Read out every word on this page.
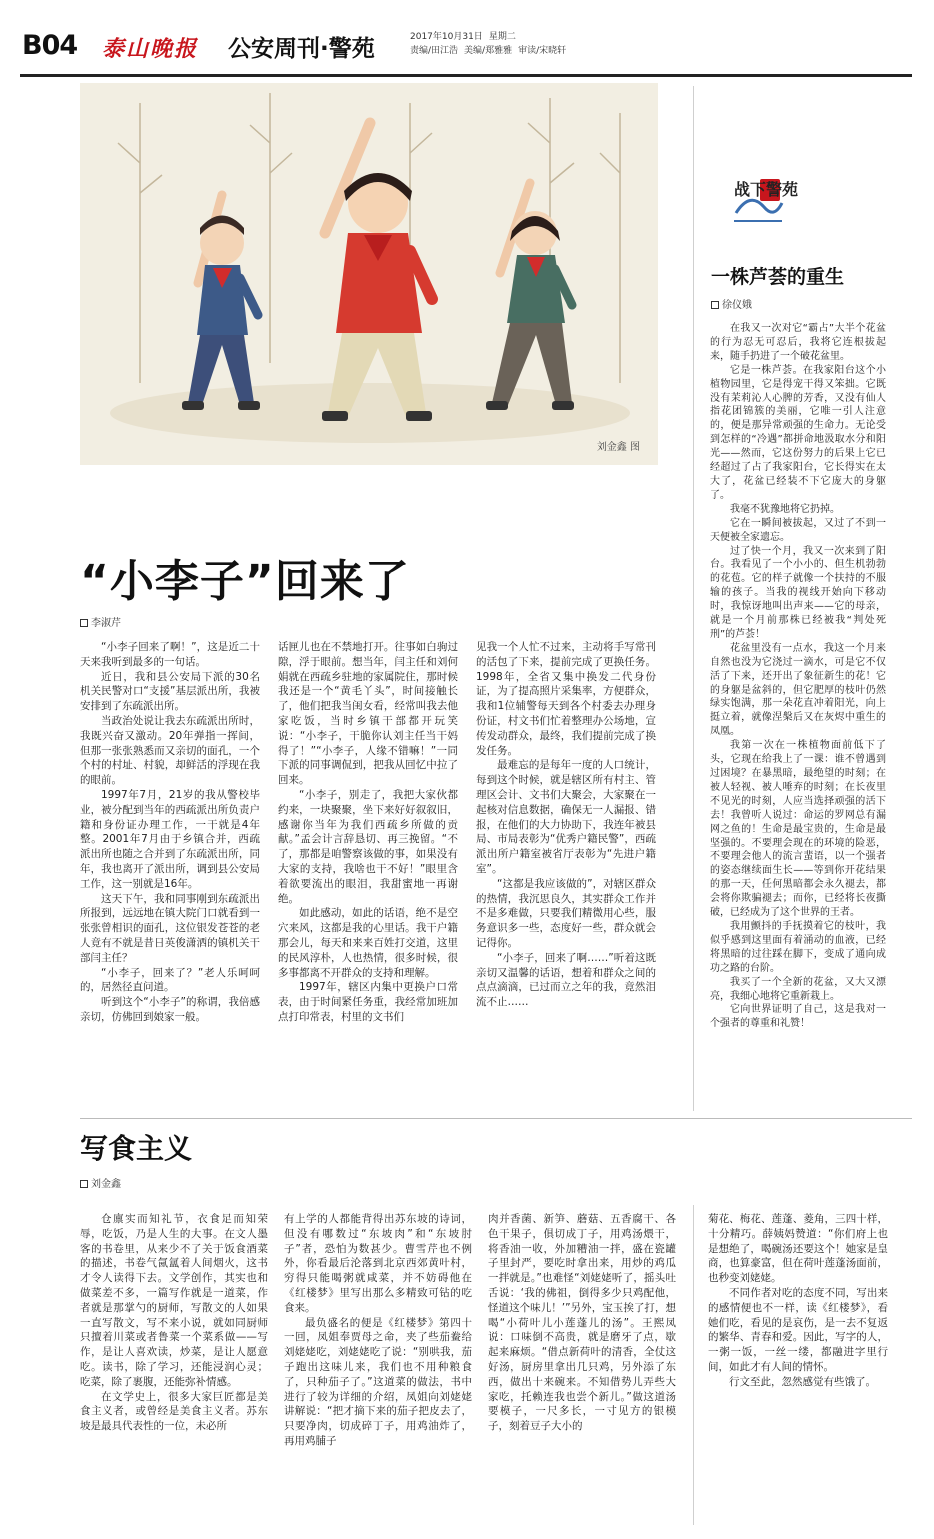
B04 泰山晚报 公安周刊·警苑	2017年10月31日 星期二
责编/田江浩 美编/郑雅雅 审读/宋晓轩
刘金鑫 图
“小李子”回来了
李淑芹

“小李子回来了啊！”，这是近二十天来我听到最多的一句话。

近日，我和县公安局下派的30名机关民警对口“支援”基层派出所，我被安排到了东疏派出所。

当政治处说让我去东疏派出所时，我既兴奋又激动。20年弹指一挥间，但那一张张熟悉而又亲切的面孔，一个个村的村址、村貌，却鲜活的浮现在我的眼前。

1997年7月，21岁的我从警校毕业，被分配到当年的西疏派出所负责户籍和身份证办理工作，一干就是4年整。2001年7月由于乡镇合并，西疏派出所也随之合并到了东疏派出所，同年，我也离开了派出所，调到县公安局工作，这一别就是16年。

这天下午，我和同事刚到东疏派出所报到，远远地在镇大院门口就看到一张张曾相识的面孔，这位银发苍苍的老人竟有不就是昔日英俊潇洒的镇机关干部闫主任？

“小李子，回来了？”老人乐呵呵的，居然径直问道。

听到这个“小李子”的称谓，我倍感亲切，仿佛回到娘家一般。

话匣儿也在不禁地打开。往事如白驹过隙，浮于眼前。想当年，闫主任和刘何娟就在西疏乡驻地的家属院住，那时候我还是一个“黄毛丫头”，时间接触长了，他们把我当闺女看，经常叫我去他家吃饭，当时乡镇干部都开玩笑说：“小李子，干脆你认刘主任当干妈得了！”“小李子，人缘不错嘛！”一同下派的同事调侃到，把我从回忆中拉了回来。

“小李子，别走了，我把大家伙都约来，一块聚聚，坐下来好好叙叙旧，感谢你当年为我们西疏乡所做的贡献。”孟会计言辞恳切、再三挽留。“不了，那都是咱警察该做的事，如果没有大家的支持，我啥也干不好！”眼里含着欲要流出的眼泪，我甜蜜地一再谢绝。

如此感动，如此的话语，绝不是空穴来风，这都是我的心里话。我干户籍那会儿，每天和来来百姓打交道，这里的民风淳朴，人也热情，很多时候，很多事都离不开群众的支持和理解。

1997年，辖区内集中更换户口常表，由于时间紧任务重，我经常加班加点打印常表，村里的文书们

见我一个人忙不过来，主动将手写常刊的活包了下来，提前完成了更换任务。1998年，全省又集中换发二代身份证，为了提高照片采集率，方便群众，我和1位辅警每天到各个村委去办理身份证，村文书们忙着整理办公场地，宣传发动群众，最终，我们提前完成了换发任务。

最难忘的是每年一度的人口统计，每到这个时候，就是辖区所有村主、管理区会计、文书们大聚会，大家聚在一起核对信息数据，确保无一人漏报、错报，在他们的大力协助下，我连年被县局、市局表彰为“优秀户籍民警”，西疏派出所户籍室被省厅表彰为“先进户籍室”。

“这都是我应该做的”，对辖区群众的热情，我沉思良久，其实群众工作并不是多难做，只要我们精微用心些，服务意识多一些，态度好一些，群众就会记得你。

“小李子，回来了啊……”听着这既亲切又温馨的话语，想着和群众之间的点点滴滴，已过而立之年的我，竟然泪流不止……

战下警苑
一株芦荟的重生
徐仪娥

在我又一次对它“霸占”大半个花盆的行为忍无可忍后，我将它连根拔起来，随手扔进了一个破花盆里。

它是一株芦荟。在我家阳台这个小植物园里，它是得宠干得又笨拙。它既没有茉莉沁人心脾的芳香，又没有仙人指花团锦簇的美丽，它唯一引人注意的，便是那异常顽强的生命力。无论受到怎样的“冷遇”都拼命地汲取水分和阳光——然而，它这份努力的后果上它已经超过了占了我家阳台，它长得实在太大了，花盆已经装不下它庞大的身躯了。

我毫不犹豫地将它扔掉。

它在一瞬间被拔起，又过了不到一天便被全家遗忘。

过了快一个月，我又一次来到了阳台。我看见了一个小小的、但生机勃勃的花苞。它的样子就像一个扶持的不服输的孩子。当我的视线开始向下移动时，我惊讶地叫出声来——它的母亲，就是一个月前那株已经被我“判处死刑”的芦荟！

花盆里没有一点水，我这一个月来自然也没为它浇过一滴水，可是它不仅活了下来，还开出了象征新生的花！它的身躯是盆斜的，但它肥厚的枝叶仍然绿实饱满，那一朵花直冲着阳光，向上挺立着，就像涅槃后又在灰烬中重生的凤凰。

我第一次在一株植物面前低下了头，它现在给我上了一课：谁不曾遇到过困境？在暴黑暗，最绝望的时刻；在被人轻视、被人唾弃的时刻；在长夜里不见光的时刻，人应当选择顽强的活下去！我曾听人说过：命运的罗网总有漏网之鱼的！生命是最宝贵的，生命是最坚强的。不要理会现在的环境的险恶，不要理会他人的流言蜚语，以一个强者的姿态继续面生长——等到你开花结果的那一天，任何黑暗都会永久褪去，都会将你欺骗褪去；而你，已经将长夜撕破，已经成为了这个世界的王者。

我用颤抖的手抚摸着它的枝叶，我似乎感到这里面有着涌动的血液，已经将黑暗的过往踩在脚下，变成了通向成功之路的台阶。

我买了一个全新的花盆，又大又漂亮，我细心地将它重新栽上。

它向世界证明了自己，这是我对一个强者的尊重和礼赞！

写食主义
刘金鑫

仓廪实而知礼节，衣食足而知荣辱，吃饭，乃是人生的大事。在文人墨客的书卷里，从来少不了关于饭食酒菜的描述，书卷气氤氲着人间烟火，这书才令人读得下去。文学创作，其实也和做菜差不多，一篇写作就是一道菜，作者就是那掌勺的厨师，写散文的人如果一直写散文，写不来小说，就如同厨师只擅着川菜或者鲁菜一个菜系做——写作，是让人喜欢读，炒菜，是让人愿意吃。读书，除了学习，还能浸润心灵；吃菜，除了裹腹，还能弥补情感。

在文学史上，很多大家巨匠都是美食主义者，或曾经是美食主义者。苏东坡是最具代表性的一位，未必所

有上学的人都能背得出苏东坡的诗词，但没有哪数过“东坡肉”和“东坡肘子”者，恐怕为数甚少。曹雪芹也不例外，你看最后沦落到北京西郊黄叶村，穷得只能喝粥就咸菜，并不妨碍他在《红楼梦》里写出那么多精致可钻的吃食来。

最负盛名的便是《红楼梦》第四十一回，凤姐奉贾母之命，夹了些茄鲞给刘姥姥吃，刘姥姥吃了说：“别哄我，茄子跑出这味儿来，我们也不用种粮食了，只种茄子了。”这道菜的做法，书中进行了较为详细的介绍，凤姐向刘姥姥讲解说：“把才摘下来的茄子把皮去了，只要净肉，切成碎丁子，用鸡油炸了，再用鸡脯子

肉并香菌、新笋、蘑菇、五香腐干、各色干果子，俱切成丁子，用鸡汤煨干，将香油一收，外加糟油一拌，盛在瓷罐子里封严，要吃时拿出来，用炒的鸡瓜一拌就是。”也难怪“刘姥姥听了，摇头吐舌说：‘我的佛祖，倒得多少只鸡配他，怪道这个味儿！’”另外，宝玉挨了打，想喝“小荷叶儿小莲蓬儿的汤”。王熙凤说：口味倒不高贵，就是磨牙了点，歇起来麻烦。“借点新荷叶的清香，全仗这好汤，厨房里拿出几只鸡，另外添了东西，做出十来碗来。不知借势儿弄些大家吃，托赖连我也尝个新儿。”做这道汤要模子，一尺多长，一寸见方的银模子，刻着豆子大小的

菊花、梅花、莲蓬、菱角，三四十样，十分精巧。薛姨妈赞道：“你们府上也是想绝了，喝碗汤还要这个！她家是皇商，也算豪富，但在荷叶莲蓬汤面前，也秒变刘姥姥。

不同作者对吃的态度不同，写出来的感情便也不一样，读《红楼梦》，看她们吃，看见的是哀伤，是一去不复返的繁华、青春和爱。因此，写字的人，一粥一饭，一丝一缕，都融进字里行间，如此才有人间的情怀。

行文至此，忽然感觉有些饿了。
